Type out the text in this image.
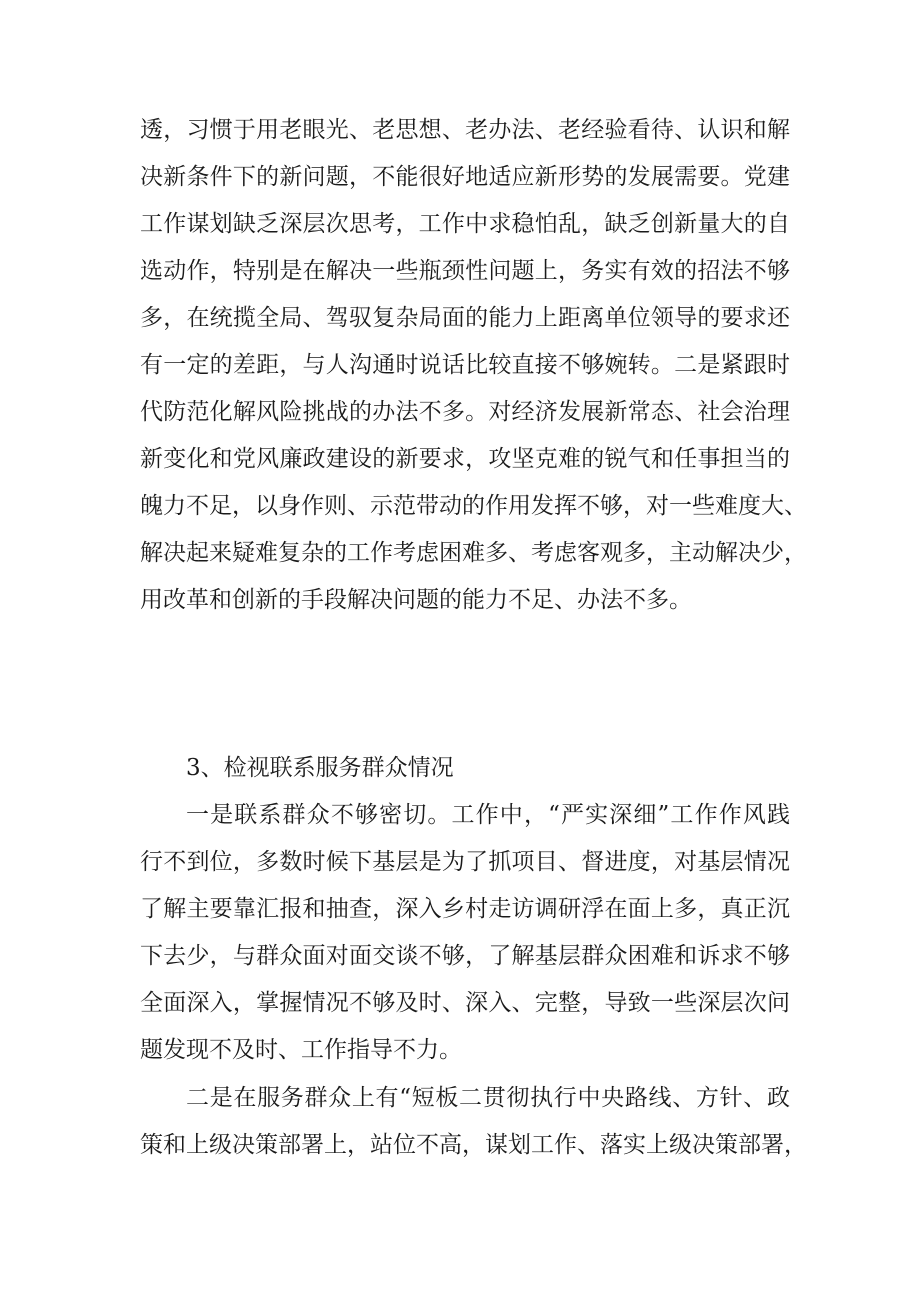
透，习惯于用老眼光、老思想、老办法、老经验看待、认识和解
决新条件下的新问题，不能很好地适应新形势的发展需要。党建
工作谋划缺乏深层次思考，工作中求稳怕乱，缺乏创新量大的自
选动作，特别是在解决一些瓶颈性问题上，务实有效的招法不够
多，在统揽全局、驾驭复杂局面的能力上距离单位领导的要求还
有一定的差距，与人沟通时说话比较直接不够婉转。二是紧跟时
代防范化解风险挑战的办法不多。对经济发展新常态、社会治理
新变化和党风廉政建设的新要求，攻坚克难的锐气和任事担当的
魄力不足，以身作则、示范带动的作用发挥不够，对一些难度大、
解决起来疑难复杂的工作考虑困难多、考虑客观多，主动解决少，
用改革和创新的手段解决问题的能力不足、办法不多。
3、检视联系服务群众情况
一是联系群众不够密切。工作中，“严实深细”工作作风践
行不到位，多数时候下基层是为了抓项目、督进度，对基层情况
了解主要靠汇报和抽查，深入乡村走访调研浮在面上多，真正沉
下去少，与群众面对面交谈不够，了解基层群众困难和诉求不够
全面深入，掌握情况不够及时、深入、完整，导致一些深层次问
题发现不及时、工作指导不力。
二是在服务群众上有“短板二贯彻执行中央路线、方针、政
策和上级决策部署上，站位不高，谋划工作、落实上级决策部署，
